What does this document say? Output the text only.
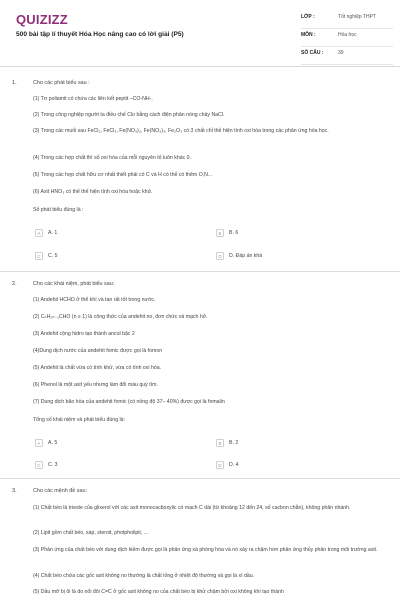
QUIZIZZ
500 bài tập lí thuyết Hóa Học nâng cao có lời giải (P5)
LỚP :	Tốt nghiệp THPT
MÔN :	Hóa học
SỐ CÂU :	39
1.	Cho các phát biểu sau :
(1) Tơ poliamit có chứa các liên kết peptit –CO-NH-.
(2) Trong công nghiệp người ta điều chế Clo bằng cách điện phân nóng chảy NaCl.
(3) Trong các muối sau FeCl₂, FeCl₃, Fe(NO₃)₂, Fe(NO₃)₃, Fe₂O₃ có 3 chất chỉ thể hiện tính oxi hóa trong các phản ứng hóa học.
(4) Trong các hợp chất thì số oxi hóa của mỗi nguyên tố luôn khác 0.
(5) Trong các hợp chất hữu cơ nhất thiết phải có C và H có thể có thêm O,N...
(6) Axit HNO₃ có thể thể hiện tính oxi hóa hoặc khử.
Số phát biểu đúng là :
A	A. 1	B	B. 6
C	C. 5	D	D. Đáp án khá
2.	Cho các khái niệm, phát biểu sau:
(1) Andehit HCHO ở thể khí và tan rất tốt trong nước.
(2) CₙH₂ₙ₋₁CHO (n ≥ 1) là công thức của andehit no, đơn chức và mạch hở.
(3) Andehit cộng hidro tạo thành ancol bậc 2
(4)Dung dịch nước của andehit fomic được gọi là fomon
(5) Andehit là chất vừa có tính khử, vừa có tính oxi hóa.
(6) Phenol là một axit yếu nhưng làm đổi màu quỳ tím.
(7) Dung dịch bão hòa của andehit fomic (có nồng độ 37– 40%) được gọi là fomalin
Tổng số khái niệm và phát biểu đúng là:
A	A. 5	B	B. 2
C	C. 3	D	D. 4
3.	Cho các mệnh đề sau:
(1) Chất béo là trieste của glixerol với các axit monocacboxylic có mạch C dài (từ khoảng 12 đến 24, số cacbon chẵn), không phân nhánh.
(2) Lipit gồm chất béo, sáp, steroit, photpholipit, ...
(3) Phản ứng của chất béo với dung dịch kiềm được gọi là phản ứng xà phòng hóa và nó xảy ra chậm hơn phản ứng thủy phân trong môi trường axit.
(4) Chất béo chứa các gốc axit không no thường là chất lỏng ở nhiệt độ thường và gọi là xì dầu.
(5) Dầu mỡ bị ôi là do nối đôi C=C ở gốc axit không no của chất béo bị khử chậm bởi oxi không khí tạo thành
